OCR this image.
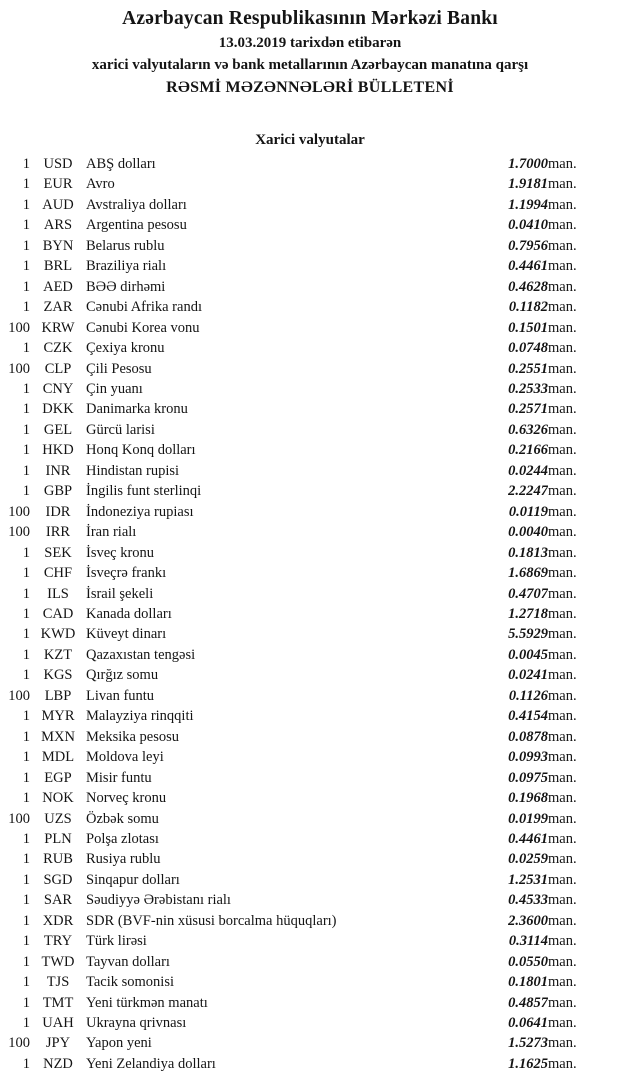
Azərbaycan Respublikasının Mərkəzi Bankı
13.03.2019 tarixdən etibarən
xarici valyutaların və bank metallarının Azərbaycan manatına qarşı
RƏSMİ MƏZƏNNƏLƏRİ BÜLLETENİ
Xarici valyutalar
1	USD	ABŞ dolları	1.7000	man.
1	EUR	Avro	1.9181	man.
1	AUD	Avstraliya dolları	1.1994	man.
1	ARS	Argentina pesosu	0.0410	man.
1	BYN	Belarus rublu	0.7956	man.
1	BRL	Braziliya rialı	0.4461	man.
1	AED	BƏƏ dirhəmi	0.4628	man.
1	ZAR	Cənubi Afrika randı	0.1182	man.
100	KRW	Cənubi Korea vonu	0.1501	man.
1	CZK	Çexiya kronu	0.0748	man.
100	CLP	Çili Pesosu	0.2551	man.
1	CNY	Çin yuanı	0.2533	man.
1	DKK	Danimarka kronu	0.2571	man.
1	GEL	Gürcü larisi	0.6326	man.
1	HKD	Honq Konq dolları	0.2166	man.
1	INR	Hindistan rupisi	0.0244	man.
1	GBP	İngilis funt sterlinqi	2.2247	man.
100	IDR	İndoneziya rupiası	0.0119	man.
100	IRR	İran rialı	0.0040	man.
1	SEK	İsveç kronu	0.1813	man.
1	CHF	İsveçrə frankı	1.6869	man.
1	ILS	İsrail şekeli	0.4707	man.
1	CAD	Kanada dolları	1.2718	man.
1	KWD	Küveyt dinarı	5.5929	man.
1	KZT	Qazaxıstan tengəsi	0.0045	man.
1	KGS	Qırğız somu	0.0241	man.
100	LBP	Livan funtu	0.1126	man.
1	MYR	Malayziya rinqqiti	0.4154	man.
1	MXN	Meksika pesosu	0.0878	man.
1	MDL	Moldova leyi	0.0993	man.
1	EGP	Misir funtu	0.0975	man.
1	NOK	Norveç kronu	0.1968	man.
100	UZS	Özbək somu	0.0199	man.
1	PLN	Polşa zlotası	0.4461	man.
1	RUB	Rusiya rublu	0.0259	man.
1	SGD	Sinqapur dolları	1.2531	man.
1	SAR	Səudiyyə Ərəbistanı rialı	0.4533	man.
1	XDR	SDR (BVF-nin xüsusi borcalma hüquqları)	2.3600	man.
1	TRY	Türk lirəsi	0.3114	man.
1	TWD	Tayvan dolları	0.0550	man.
1	TJS	Tacik somonisi	0.1801	man.
1	TMT	Yeni türkmən manatı	0.4857	man.
1	UAH	Ukrayna qrivnası	0.0641	man.
100	JPY	Yapon yeni	1.5273	man.
1	NZD	Yeni Zelandiya dolları	1.1625	man.
